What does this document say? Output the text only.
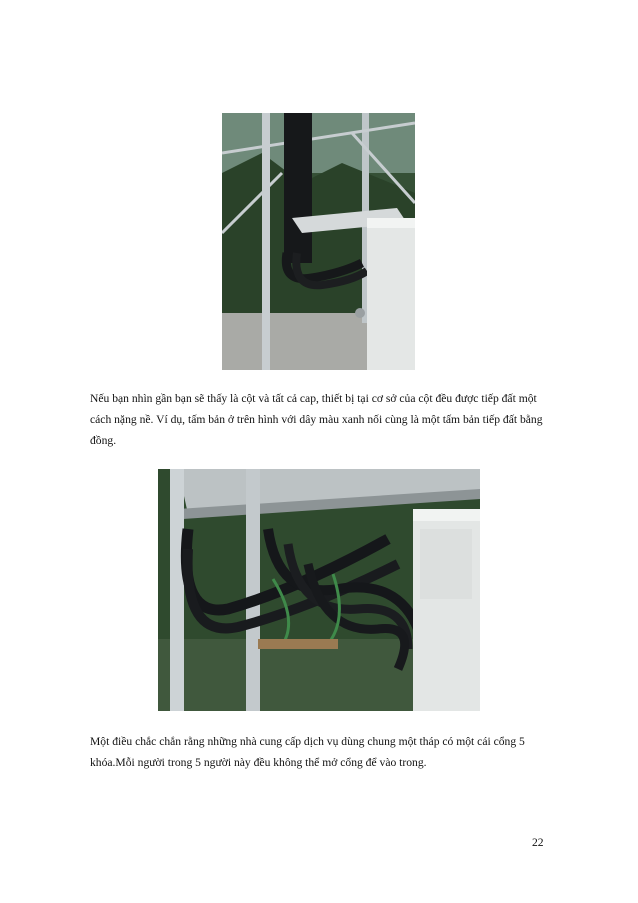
Nếu bạn nhìn gần bạn sẽ thấy là cột và tất cả cap, thiết bị tại cơ sở của cột đều được tiếp đất một cách nặng nề. Ví dụ, tấm bản ở trên hình với dây màu xanh nối cùng là một tấm bản tiếp đất bằng đồng.

Một điều chắc chắn rằng những nhà cung cấp dịch vụ dùng chung một tháp có một cái cổng 5 khóa.Mỗi người trong 5 người này đều không thể mở cổng để vào trong.

22
